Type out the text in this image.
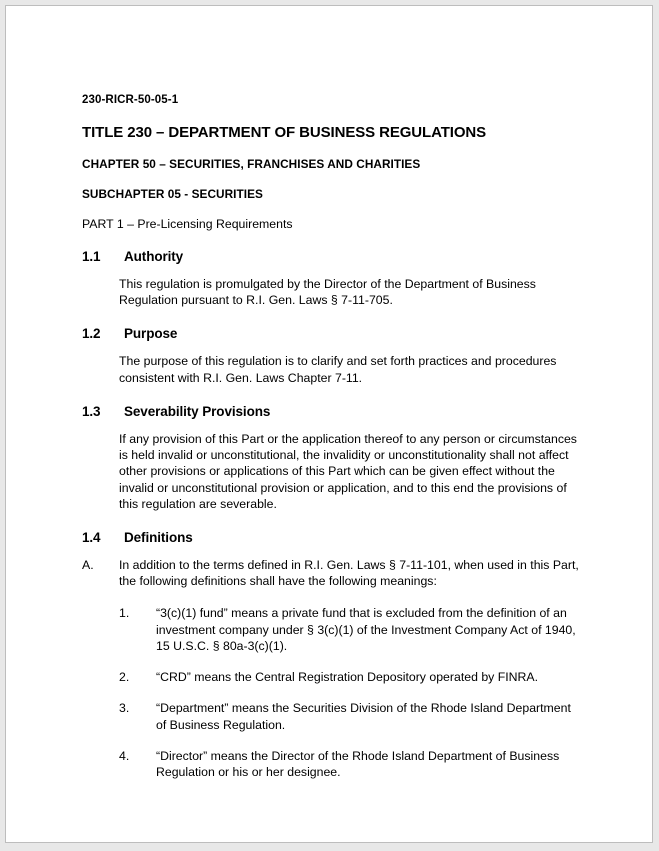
230-RICR-50-05-1
TITLE 230 – DEPARTMENT OF BUSINESS REGULATIONS
CHAPTER 50 – SECURITIES, FRANCHISES AND CHARITIES
SUBCHAPTER 05 - SECURITIES
PART 1 – Pre-Licensing Requirements
1.1	Authority
This regulation is promulgated by the Director of the Department of Business Regulation pursuant to R.I. Gen. Laws § 7-11-705.
1.2	Purpose
The purpose of this regulation is to clarify and set forth practices and procedures consistent with R.I. Gen. Laws Chapter 7-11.
1.3	Severability Provisions
If any provision of this Part or the application thereof to any person or circumstances is held invalid or unconstitutional, the invalidity or unconstitutionality shall not affect other provisions or applications of this Part which can be given effect without the invalid or unconstitutional provision or application, and to this end the provisions of this regulation are severable.
1.4	Definitions
A.	In addition to the terms defined in R.I. Gen. Laws § 7-11-101, when used in this Part, the following definitions shall have the following meanings:
1.	“3(c)(1) fund” means a private fund that is excluded from the definition of an investment company under § 3(c)(1) of the Investment Company Act of 1940, 15 U.S.C. § 80a-3(c)(1).
2.	“CRD” means the Central Registration Depository operated by FINRA.
3.	“Department” means the Securities Division of the Rhode Island Department of Business Regulation.
4.	“Director” means the Director of the Rhode Island Department of Business Regulation or his or her designee.
